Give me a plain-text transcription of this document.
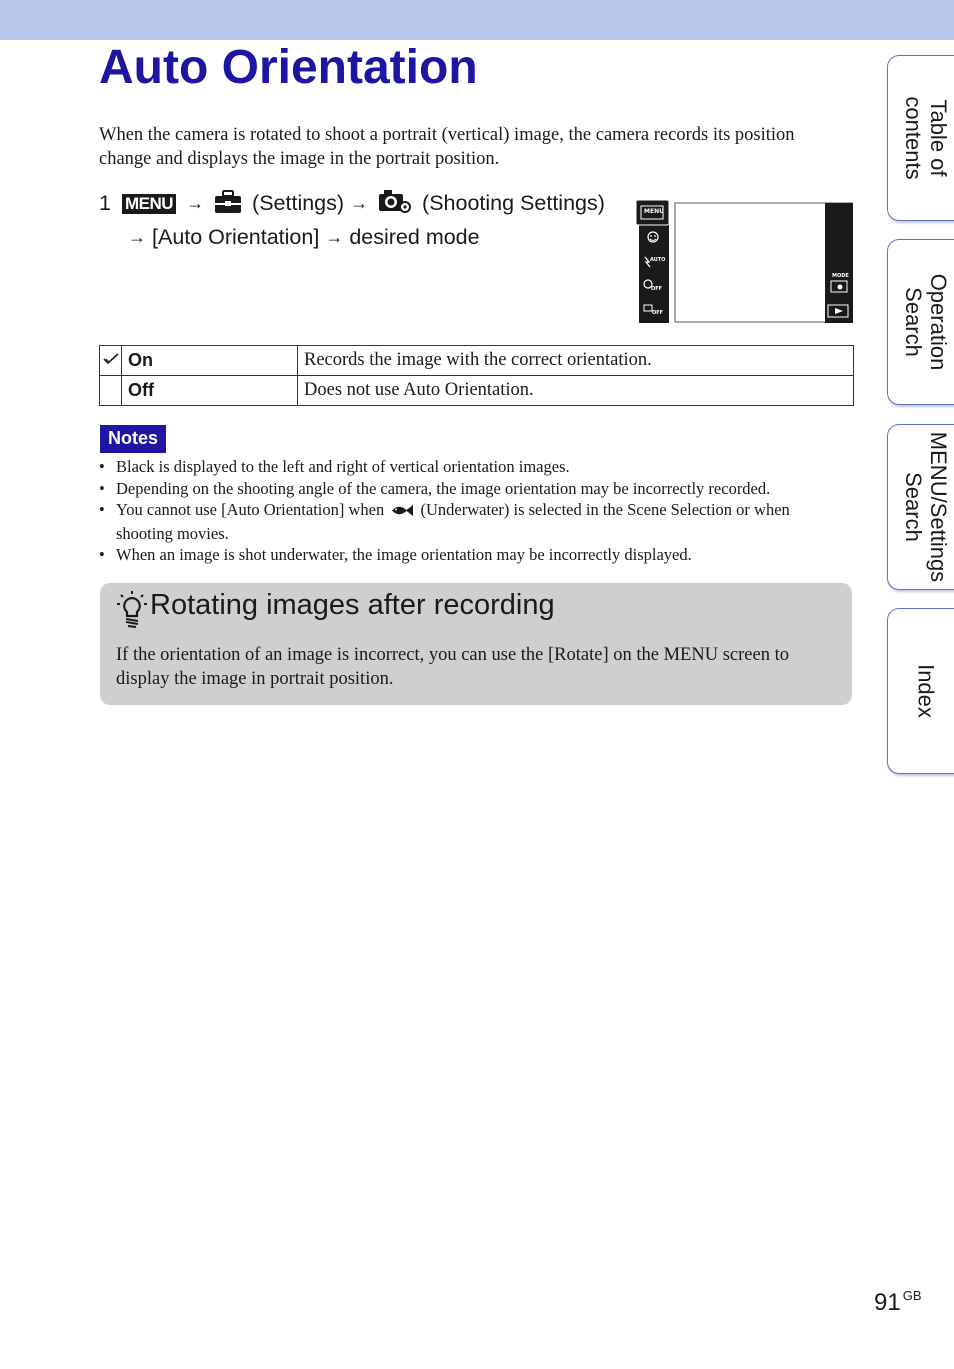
Auto Orientation

When the camera is rotated to shoot a portrait (vertical) image, the camera records its position change and displays the image in the portrait position.

1 MENU → (Settings) →	(Shooting Settings)→ [Auto Orientation] → desired mode
MENU
AUTO
OFF
OFF
MODE
	On	Records the image with the correct orientation.
	Off	Does not use Auto Orientation.
Notes
• Black is displayed to the left and right of vertical orientation images.
• Depending on the shooting angle of the camera, the image orientation may be incorrectly recorded.
• You cannot use [Auto Orientation] when (Underwater) is selected in the Scene Selection or when shooting movies.
• When an image is shot underwater, the image orientation may be incorrectly displayed.
Rotating images after recording

If the orientation of an image is incorrect, you can use the [Rotate] on the MENU screen to display the image in portrait position.

Table of
contents
Operation
Search
MENU/Settings
Search
Index
91 $^{GB}$
